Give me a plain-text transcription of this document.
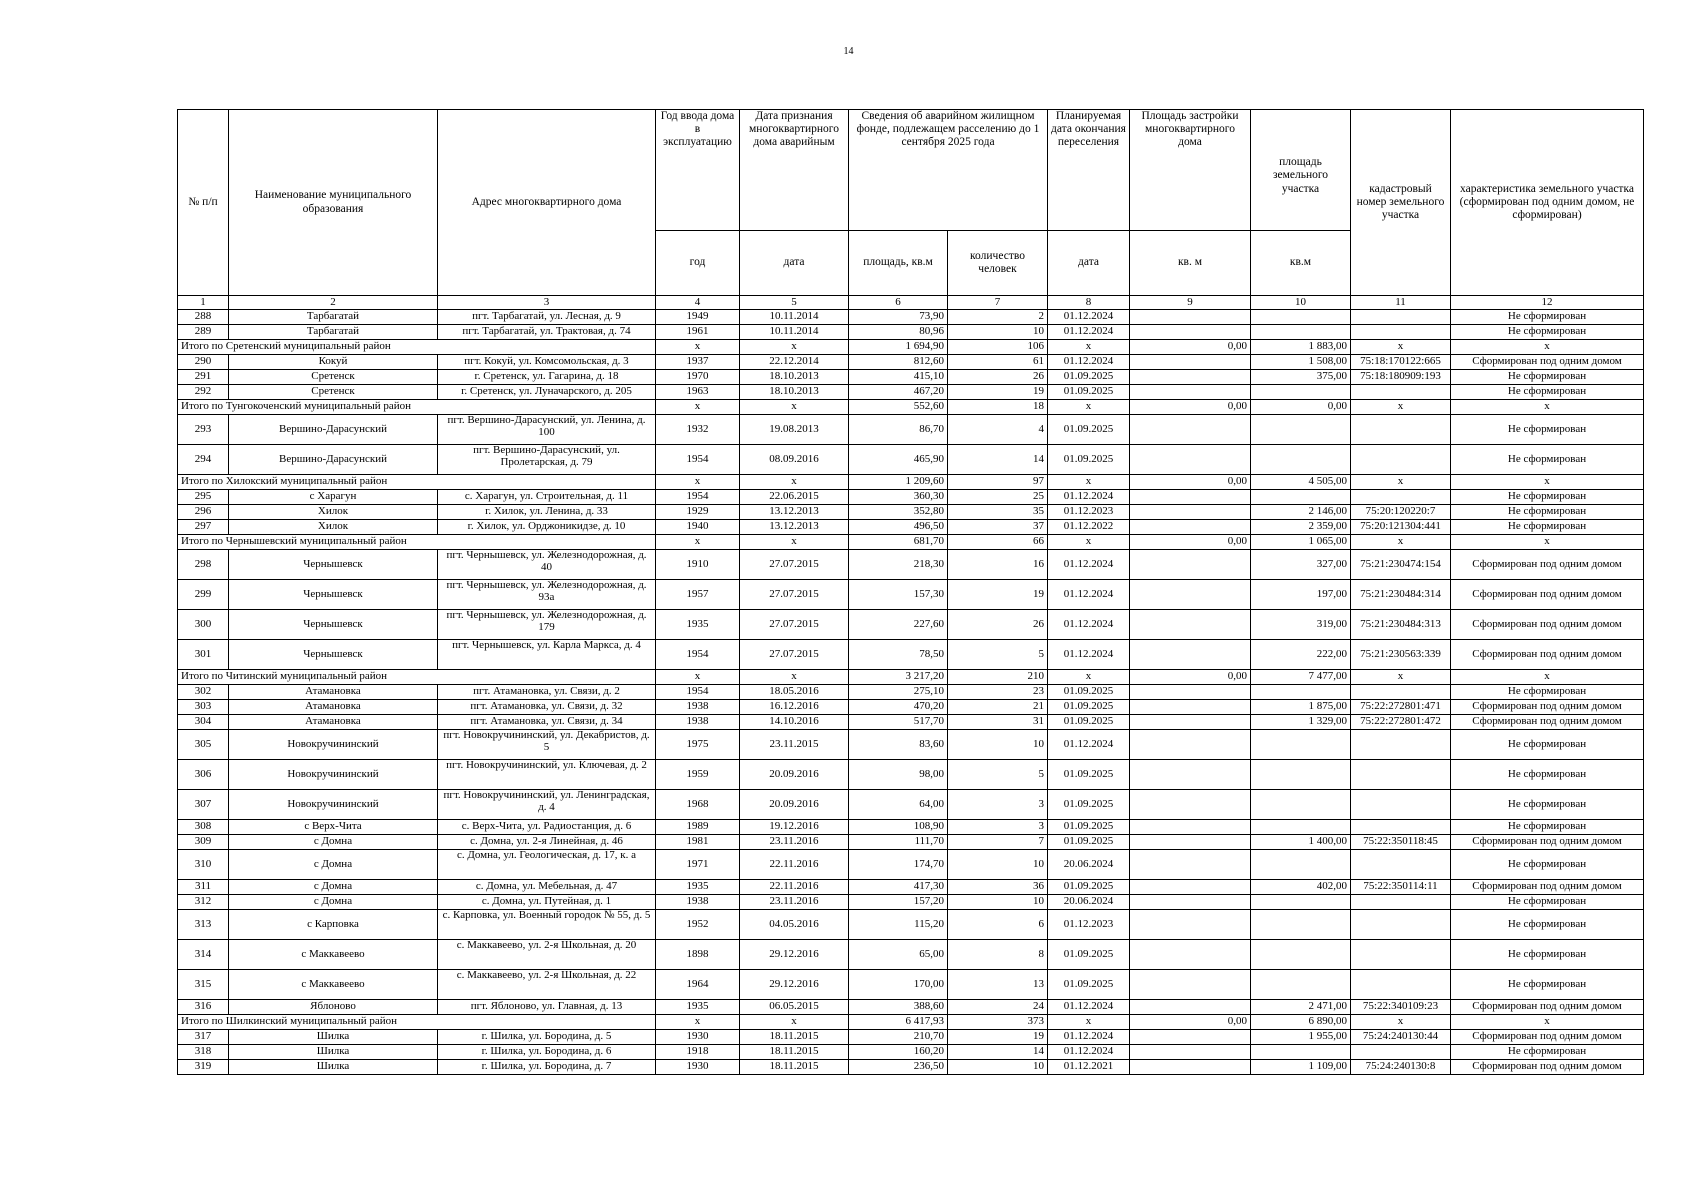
14
№ п/п	Наименование муниципального образования	Адрес многоквартирного дома	Год ввода дома в эксплуатацию	Дата признания многоквартирного дома аварийным	Сведения об аварийном жилищном фонде, подлежащем расселению до 1 сентября 2025 года		Планируемая дата окончания переселения	Площадь застройки многоквартирного дома	площадь земельного участка	кадастровый номер земельного участка	характеристика земельного участка (сформирован под одним домом, не сформирован)
			год	дата	площадь, кв.м	количество человек	дата	кв. м	кв.м		
1	2	3	4	5	6	7	8	9	10	11	12
288	Тарбагатай	пгт. Тарбагатай, ул. Лесная, д. 9	1949	10.11.2014	73,90	2	01.12.2024				Не сформирован
289	Тарбагатай	пгт. Тарбагатай, ул. Трактовая, д. 74	1961	10.11.2014	80,96	10	01.12.2024				Не сформирован
Итого по Сретенский муниципальный район			x	x	1 694,90	106	x	0,00	1 883,00	x	x
290	Кокуй	пгт. Кокуй, ул. Комсомольская, д. 3	1937	22.12.2014	812,60	61	01.12.2024		1 508,00	75:18:170122:665	Сформирован под одним домом
291	Сретенск	г. Сретенск, ул. Гагарина, д. 18	1970	18.10.2013	415,10	26	01.09.2025		375,00	75:18:180909:193	Не сформирован
292	Сретенск	г. Сретенск, ул. Луначарского, д. 205	1963	18.10.2013	467,20	19	01.09.2025				Не сформирован
Итого по Тунгокоченский муниципальный район			x	x	552,60	18	x	0,00	0,00	x	x
293	Вершино-Дарасунский	пгт. Вершино-Дарасунский, ул. Ленина, д. 100	1932	19.08.2013	86,70	4	01.09.2025				Не сформирован
294	Вершино-Дарасунский	пгт. Вершино-Дарасунский, ул. Пролетарская, д. 79	1954	08.09.2016	465,90	14	01.09.2025				Не сформирован
Итого по Хилокский муниципальный район			x	x	1 209,60	97	x	0,00	4 505,00	x	x
295	с Харагун	с. Харагун, ул. Строительная, д. 11	1954	22.06.2015	360,30	25	01.12.2024				Не сформирован
296	Хилок	г. Хилок, ул. Ленина, д. 33	1929	13.12.2013	352,80	35	01.12.2023		2 146,00	75:20:120220:7	Не сформирован
297	Хилок	г. Хилок, ул. Орджоникидзе, д. 10	1940	13.12.2013	496,50	37	01.12.2022		2 359,00	75:20:121304:441	Не сформирован
Итого по Чернышевский муниципальный район			x	x	681,70	66	x	0,00	1 065,00	x	x
298	Чернышевск	пгт. Чернышевск, ул. Железнодорожная, д. 40	1910	27.07.2015	218,30	16	01.12.2024		327,00	75:21:230474:154	Сформирован под одним домом
299	Чернышевск	пгт. Чернышевск, ул. Железнодорожная, д. 93а	1957	27.07.2015	157,30	19	01.12.2024		197,00	75:21:230484:314	Сформирован под одним домом
300	Чернышевск	пгт. Чернышевск, ул. Железнодорожная, д. 179	1935	27.07.2015	227,60	26	01.12.2024		319,00	75:21:230484:313	Сформирован под одним домом
301	Чернышевск	пгт. Чернышевск, ул. Карла Маркса, д. 4	1954	27.07.2015	78,50	5	01.12.2024		222,00	75:21:230563:339	Сформирован под одним домом
Итого по Читинский муниципальный район			x	x	3 217,20	210	x	0,00	7 477,00	x	x
302	Атамановка	пгт. Атамановка, ул. Связи, д. 2	1954	18.05.2016	275,10	23	01.09.2025				Не сформирован
303	Атамановка	пгт. Атамановка, ул. Связи, д. 32	1938	16.12.2016	470,20	21	01.09.2025		1 875,00	75:22:272801:471	Сформирован под одним домом
304	Атамановка	пгт. Атамановка, ул. Связи, д. 34	1938	14.10.2016	517,70	31	01.09.2025		1 329,00	75:22:272801:472	Сформирован под одним домом
305	Новокручининский	пгт. Новокручининский, ул. Декабристов, д. 5	1975	23.11.2015	83,60	10	01.12.2024				Не сформирован
306	Новокручининский	пгт. Новокручининский, ул. Ключевая, д. 2	1959	20.09.2016	98,00	5	01.09.2025				Не сформирован
307	Новокручининский	пгт. Новокручининский, ул. Ленинградская, д. 4	1968	20.09.2016	64,00	3	01.09.2025				Не сформирован
308	с Верх-Чита	с. Верх-Чита, ул. Радиостанция, д. 6	1989	19.12.2016	108,90	3	01.09.2025				Не сформирован
309	с Домна	с. Домна, ул. 2-я Линейная, д. 46	1981	23.11.2016	111,70	7	01.09.2025		1 400,00	75:22:350118:45	Сформирован под одним домом
310	с Домна	с. Домна, ул. Геологическая, д. 17, к. а	1971	22.11.2016	174,70	10	20.06.2024				Не сформирован
311	с Домна	с. Домна, ул. Мебельная, д. 47	1935	22.11.2016	417,30	36	01.09.2025		402,00	75:22:350114:11	Сформирован под одним домом
312	с Домна	с. Домна, ул. Путейная, д. 1	1938	23.11.2016	157,20	10	20.06.2024				Не сформирован
313	с Карповка	с. Карповка, ул. Военный городок № 55, д. 5	1952	04.05.2016	115,20	6	01.12.2023				Не сформирован
314	с Маккавеево	с. Маккавеево, ул. 2-я Школьная, д. 20	1898	29.12.2016	65,00	8	01.09.2025				Не сформирован
315	с Маккавеево	с. Маккавеево, ул. 2-я Школьная, д. 22	1964	29.12.2016	170,00	13	01.09.2025				Не сформирован
316	Яблоново	пгт. Яблоново, ул. Главная, д. 13	1935	06.05.2015	388,60	24	01.12.2024		2 471,00	75:22:340109:23	Сформирован под одним домом
Итого по Шилкинский муниципальный район			x	x	6 417,93	373	x	0,00	6 890,00	x	x
317	Шилка	г. Шилка, ул. Бородина, д. 5	1930	18.11.2015	210,70	19	01.12.2024		1 955,00	75:24:240130:44	Сформирован под одним домом
318	Шилка	г. Шилка, ул. Бородина, д. 6	1918	18.11.2015	160,20	14	01.12.2024				Не сформирован
319	Шилка	г. Шилка, ул. Бородина, д. 7	1930	18.11.2015	236,50	10	01.12.2021		1 109,00	75:24:240130:8	Сформирован под одним домом
